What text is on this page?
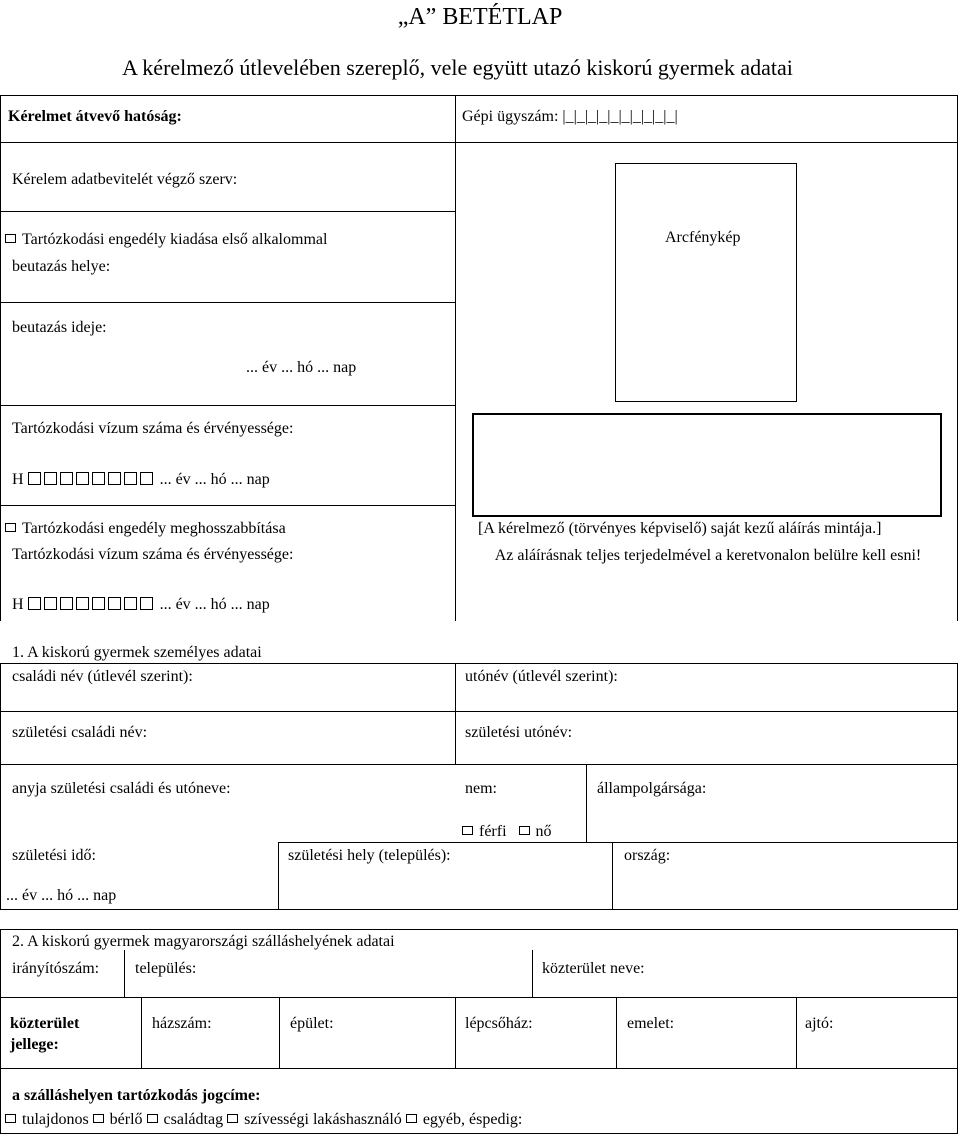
„A” BETÉTLAP
A kérelmező útlevelében szereplő, vele együtt utazó kiskorú gyermek adatai
Arcfénykép
Kérelmet átvevő hatóság:	Gépi ügyszám: |_|_|_|_|_|_|_|_|_|_|
Kérelem adatbevitelét végző szerv:
Tartózkodási engedély kiadása első alkalommal
beutazás helye:
beutazás ideje:
... év ... hó ... nap
Tartózkodási vízum száma és érvényessége:
H	... év ... hó ... nap
Tartózkodási engedély meghosszabbítása
Tartózkodási vízum száma és érvényessége:
H	... év ... hó ... nap
[A kérelmező (törvényes képviselő) saját kezű aláírás mintája.]
Az aláírásnak teljes terjedelmével a keretvonalon belülre kell esni!
1. A kiskorú gyermek személyes adatai
családi név (útlevél szerint):	utónév (útlevél szerint):
születési családi név:	születési utónév:
anyja születési családi és utóneve:	nem:	állampolgársága:
férfi nő
születési idő:	születési hely (település):	ország:
... év ... hó ... nap
2. A kiskorú gyermek magyarországi szálláshelyének adatai
irányítószám: település:	közterület neve:
közterület
jellege:
házszám:	épület:	lépcsőház:	emelet:	ajtó:
a szálláshelyen tartózkodás jogcíme:
tulajdonos bérlő családtag szívességi lakáshasználó egyéb, éspedig:
